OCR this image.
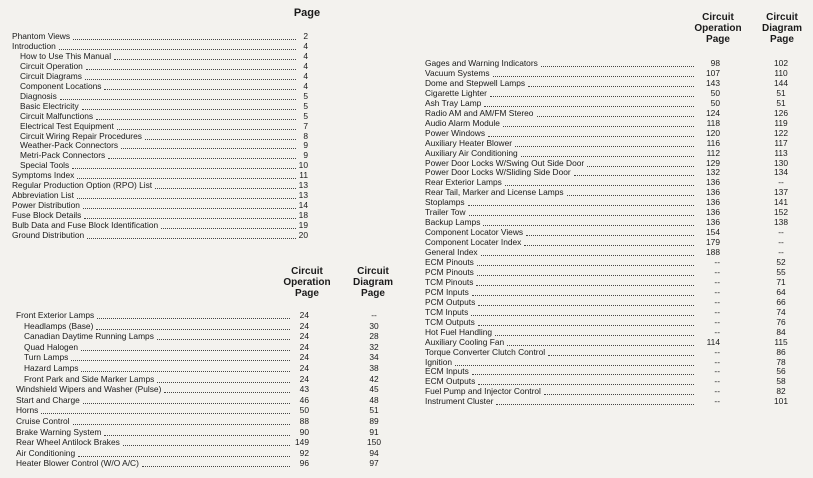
Page
Circuit
Operation
Page
Circuit
Diagram
Page
Circuit
Operation
Page
Circuit
Diagram
Page
Phantom Views	2
Introduction	4
How to Use This Manual	4
Circuit Operation	4
Circuit Diagrams	4
Component Locations	4
Diagnosis	5
Basic Electricity	5
Circuit Malfunctions	5
Electrical Test Equipment	7
Circuit Wiring Repair Procedures	8
Weather-Pack Connectors	9
Metri-Pack Connectors	9
Special Tools	10
Symptoms Index	11
Regular Production Option (RPO) List	13
Abbreviation List	13
Power Distribution	14
Fuse Block Details	18
Bulb Data and Fuse Block Identification	19
Ground Distribution	20
Front Exterior Lamps	24	--
Headlamps (Base)	24	30
Canadian Daytime Running Lamps	24	28
Quad Halogen	24	32
Turn Lamps	24	34
Hazard Lamps	24	38
Front Park and Side Marker Lamps	24	42
Windshield Wipers and Washer (Pulse)	43	45
Start and Charge	46	48
Horns	50	51
Cruise Control	88	89
Brake Warning System	90	91
Rear Wheel Antilock Brakes	149	150
Air Conditioning	92	94
Heater Blower Control (W/O A/C)	96	97
Gages and Warning Indicators	98	102
Vacuum Systems	107	110
Dome and Stepwell Lamps	143	144
Cigarette Lighter	50	51
Ash Tray Lamp	50	51
Radio AM and AM/FM Stereo	124	126
Audio Alarm Module	118	119
Power Windows	120	122
Auxiliary Heater Blower	116	117
Auxiliary Air Conditioning	112	113
Power Door Locks W/Swing Out Side Door	129	130
Power Door Locks W/Sliding Side Door	132	134
Rear Exterior Lamps	136	--
Rear Tail, Marker and License Lamps	136	137
Stoplamps	136	141
Trailer Tow	136	152
Backup Lamps	136	138
Component Locator Views	154	--
Component Locater Index	179	--
General Index	188	--
ECM Pinouts	--	52
PCM Pinouts	--	55
TCM Pinouts	--	71
PCM Inputs	--	64
PCM Outputs	--	66
TCM Inputs	--	74
TCM Outputs	--	76
Hot Fuel Handling	--	84
Auxiliary Cooling Fan	114	115
Torque Converter Clutch Control	--	86
Ignition	--	78
ECM Inputs	--	56
ECM Outputs	--	58
Fuel Pump and Injector Control	--	82
Instrument Cluster	--	101
